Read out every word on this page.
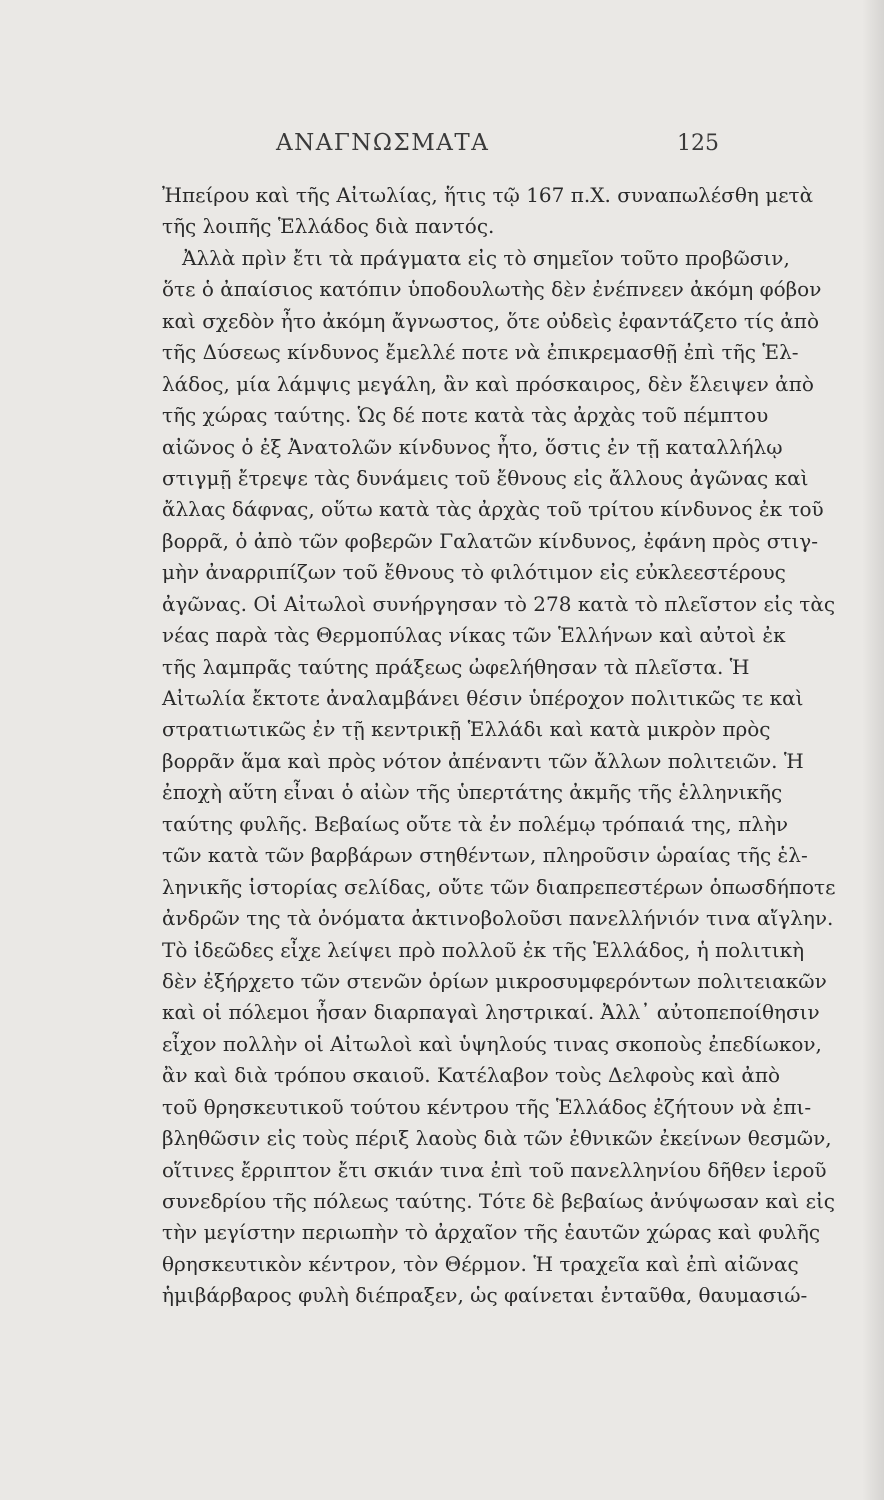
ΑΝΑΓΝΩΣΜΑΤΑ	125
Ἠπείρου καὶ τῆς Αἰτωλίας, ἥτις τῷ 167 π.Χ. συναπωλέσθη μετὰ
τῆς λοιπῆς Ἑλλάδος διὰ παντός.
Ἀλλὰ πρὶν ἔτι τὰ πράγματα εἰς τὸ σημεῖον τοῦτο προβῶσιν,
ὅτε ὁ ἀπαίσιος κατόπιν ὑποδουλωτὴς δὲν ἐνέπνεεν ἀκόμη φόβον
καὶ σχεδὸν ἦτο ἀκόμη ἄγνωστος, ὅτε οὐδεὶς ἐφαντάζετο τίς ἀπὸ
τῆς Δύσεως κίνδυνος ἔμελλέ ποτε νὰ ἐπικρεμασθῇ ἐπὶ τῆς Ἑλ-
λάδος, μία λάμψις μεγάλη, ἂν καὶ πρόσκαιρος, δὲν ἔλειψεν ἀπὸ
τῆς χώρας ταύτης. Ὡς δέ ποτε κατὰ τὰς ἀρχὰς τοῦ πέμπτου
αἰῶνος ὁ ἐξ Ἀνατολῶν κίνδυνος ἦτο, ὅστις ἐν τῇ καταλλήλῳ
στιγμῇ ἔτρεψε τὰς δυνάμεις τοῦ ἔθνους εἰς ἄλλους ἀγῶνας καὶ
ἄλλας δάφνας, οὕτω κατὰ τὰς ἀρχὰς τοῦ τρίτου κίνδυνος ἐκ τοῦ
βορρᾶ, ὁ ἀπὸ τῶν φοβερῶν Γαλατῶν κίνδυνος, ἐφάνη πρὸς στιγ-
μὴν ἀναρριπίζων τοῦ ἔθνους τὸ φιλότιμον εἰς εὐκλεεστέρους
ἀγῶνας. Οἱ Αἰτωλοὶ συνήργησαν τὸ 278 κατὰ τὸ πλεῖστον εἰς τὰς
νέας παρὰ τὰς Θερμοπύλας νίκας τῶν Ἑλλήνων καὶ αὐτοὶ ἐκ
τῆς λαμπρᾶς ταύτης πράξεως ὠφελήθησαν τὰ πλεῖστα. Ἡ
Αἰτωλία ἔκτοτε ἀναλαμβάνει θέσιν ὑπέροχον πολιτικῶς τε καὶ
στρατιωτικῶς ἐν τῇ κεντρικῇ Ἑλλάδι καὶ κατὰ μικρὸν πρὸς
βορρᾶν ἅμα καὶ πρὸς νότον ἀπέναντι τῶν ἄλλων πολιτειῶν. Ἡ
ἐποχὴ αὕτη εἶναι ὁ αἰὼν τῆς ὑπερτάτης ἀκμῆς τῆς ἑλληνικῆς
ταύτης φυλῆς. Βεβαίως οὔτε τὰ ἐν πολέμῳ τρόπαιά της, πλὴν
τῶν κατὰ τῶν βαρβάρων στηθέντων, πληροῦσιν ὡραίας τῆς ἑλ-
ληνικῆς ἱστορίας σελίδας, οὔτε τῶν διαπρεπεστέρων ὁπωσδήποτε
ἀνδρῶν της τὰ ὀνόματα ἀκτινοβολοῦσι πανελλήνιόν τινα αἴγλην.
Τὸ ἰδεῶδες εἶχε λείψει πρὸ πολλοῦ ἐκ τῆς Ἑλλάδος, ἡ πολιτικὴ
δὲν ἐξήρχετο τῶν στενῶν ὁρίων μικροσυμφερόντων πολιτειακῶν
καὶ οἱ πόλεμοι ἦσαν διαρπαγαὶ ληστρικαί. Ἀλλ᾽ αὐτοπεποίθησιν
εἶχον πολλὴν οἱ Αἰτωλοὶ καὶ ὑψηλούς τινας σκοποὺς ἐπεδίωκον,
ἂν καὶ διὰ τρόπου σκαιοῦ. Κατέλαβον τοὺς Δελφοὺς καὶ ἀπὸ
τοῦ θρησκευτικοῦ τούτου κέντρου τῆς Ἑλλάδος ἐζήτουν νὰ ἐπι-
βληθῶσιν εἰς τοὺς πέριξ λαοὺς διὰ τῶν ἐθνικῶν ἐκείνων θεσμῶν,
οἵτινες ἔρριπτον ἔτι σκιάν τινα ἐπὶ τοῦ πανελληνίου δῆθεν ἱεροῦ
συνεδρίου τῆς πόλεως ταύτης. Τότε δὲ βεβαίως ἀνύψωσαν καὶ εἰς
τὴν μεγίστην περιωπὴν τὸ ἀρχαῖον τῆς ἑαυτῶν χώρας καὶ φυλῆς
θρησκευτικὸν κέντρον, τὸν Θέρμον. Ἡ τραχεῖα καὶ ἐπὶ αἰῶνας
ἡμιβάρβαρος φυλὴ διέπραξεν, ὡς φαίνεται ἐνταῦθα, θαυμασιώ-
